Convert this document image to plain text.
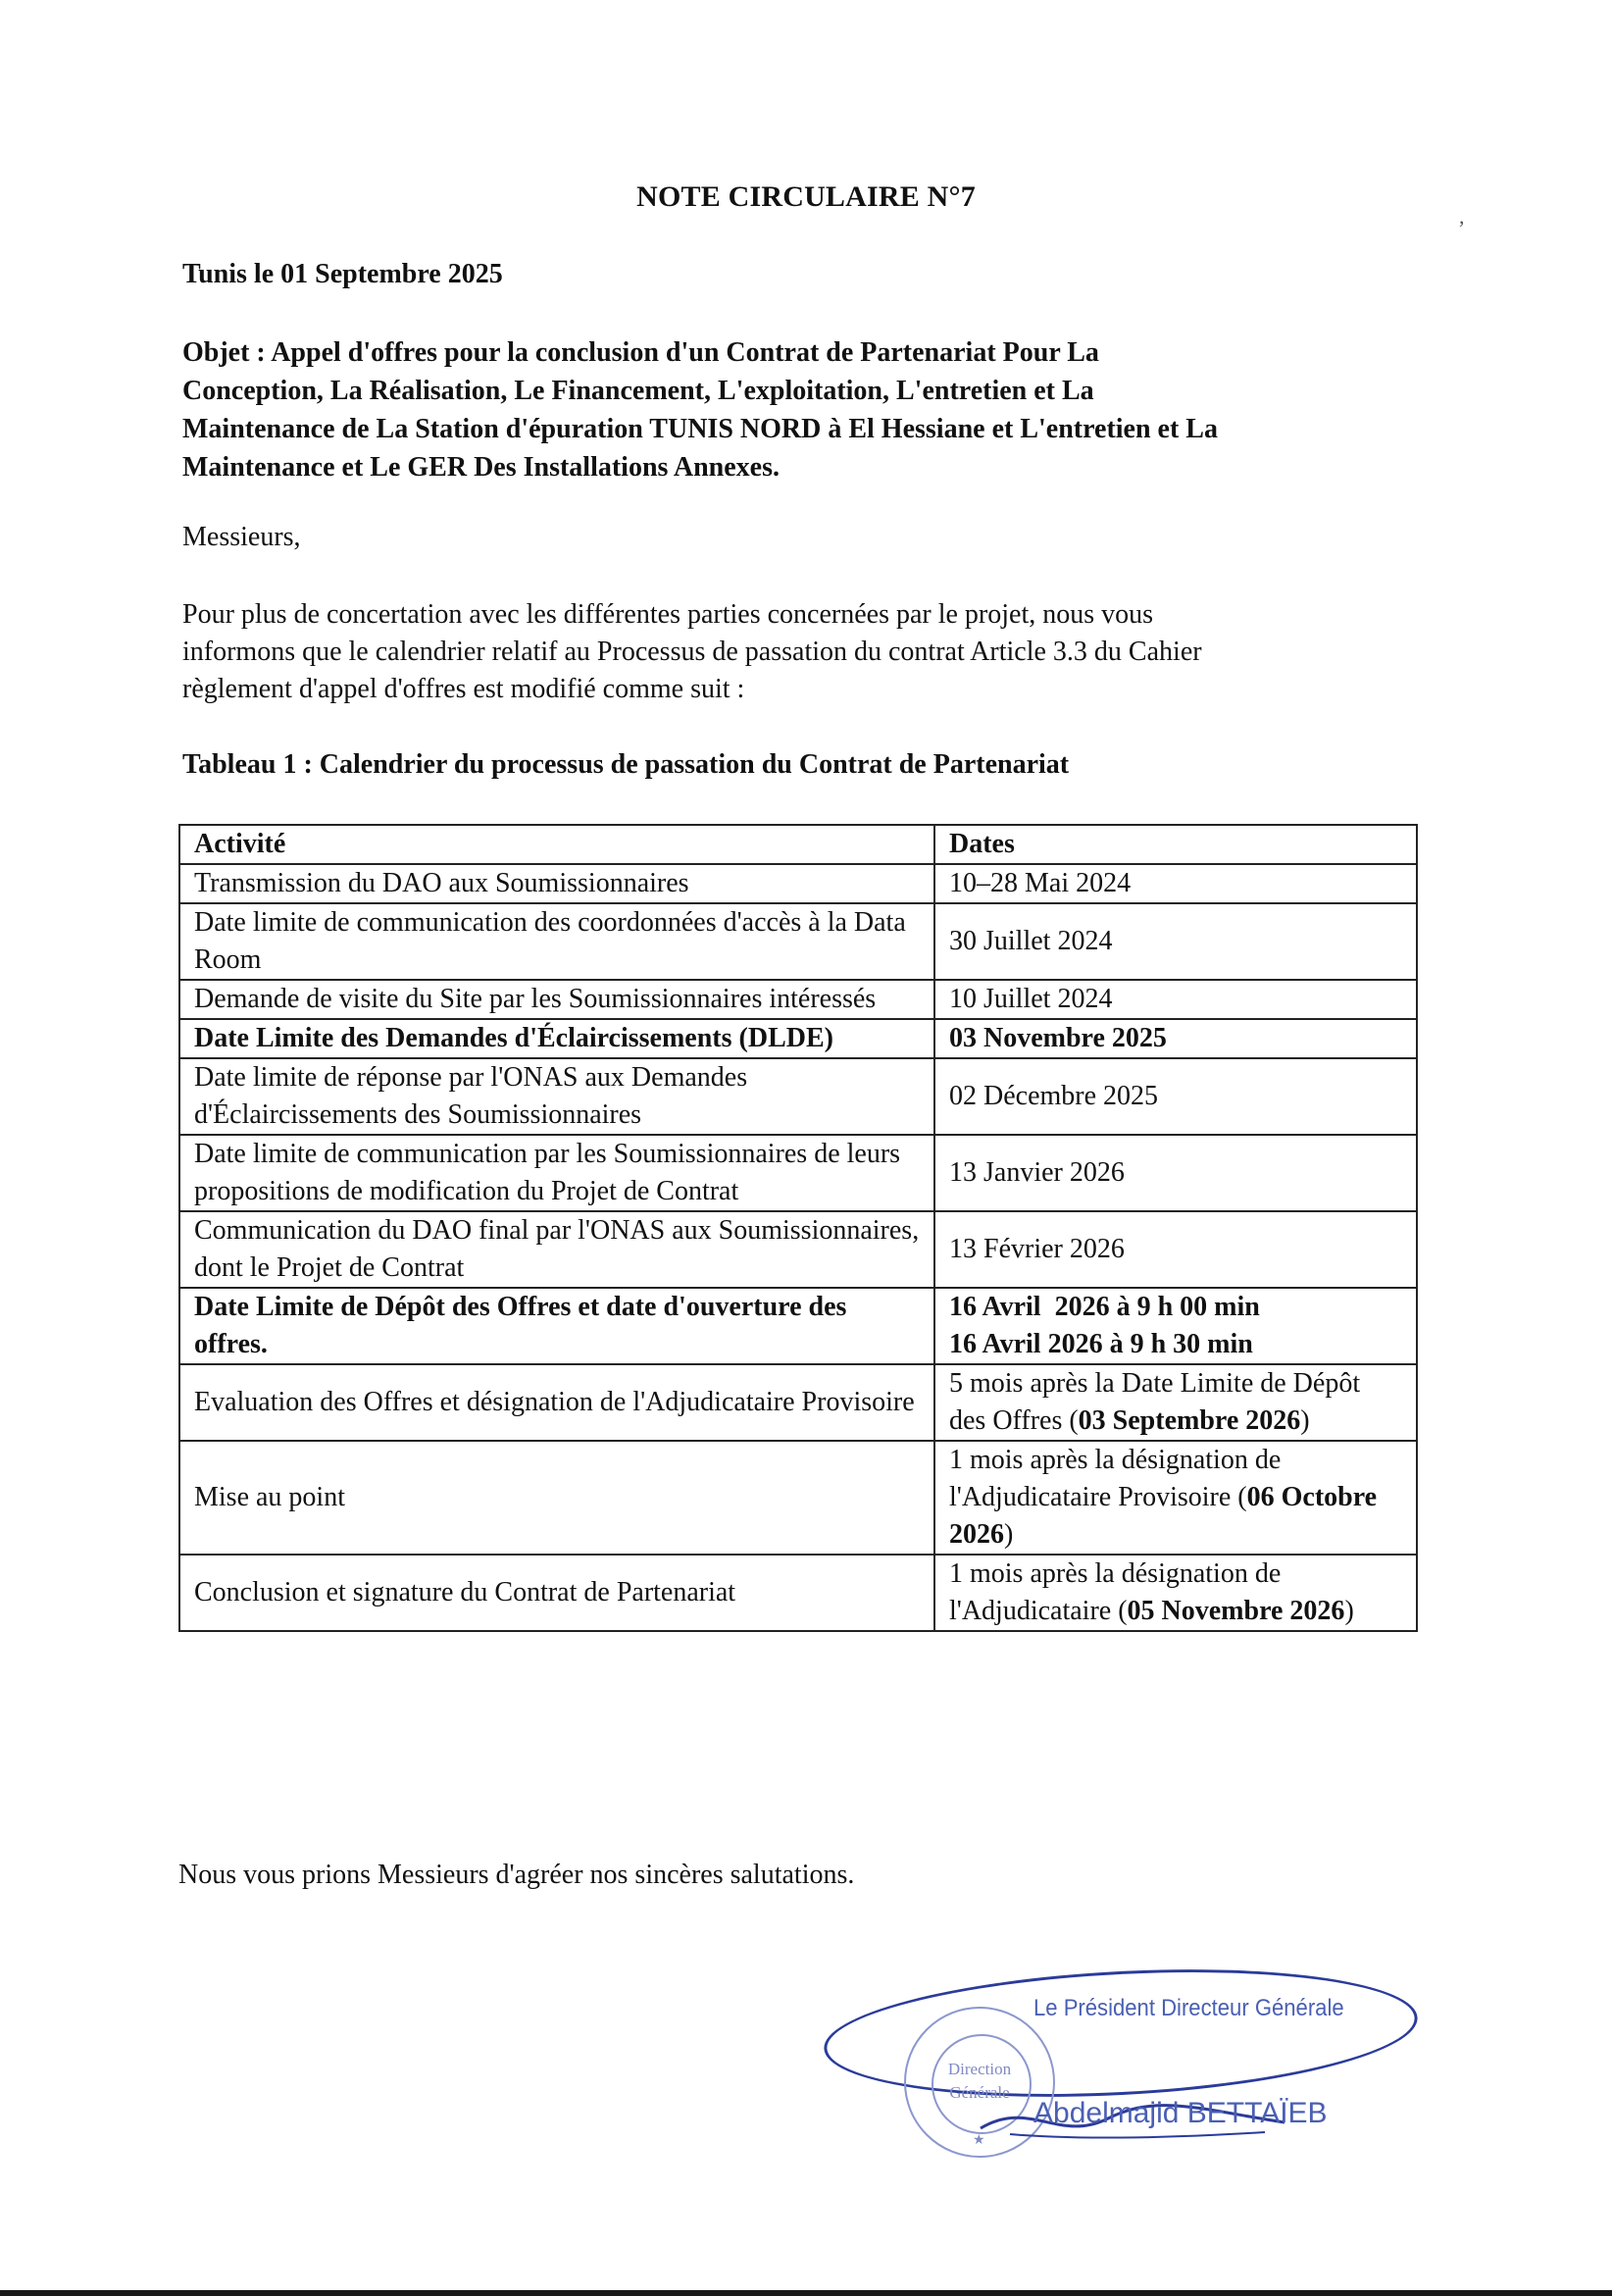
NOTE CIRCULAIRE N°7
,
Tunis le 01 Septembre 2025
Objet : Appel d'offres pour la conclusion d'un Contrat de Partenariat Pour La
Conception, La Réalisation, Le Financement, L'exploitation, L'entretien et La
Maintenance de La Station d'épuration TUNIS NORD à El Hessiane et L'entretien et La
Maintenance et Le GER Des Installations Annexes.
Messieurs,
Pour plus de concertation avec les différentes parties concernées par le projet, nous vous
informons que le calendrier relatif au Processus de passation du contrat Article 3.3 du Cahier
règlement d'appel d'offres est modifié comme suit :
Tableau 1 : Calendrier du processus de passation du Contrat de Partenariat
Activité	Dates
Transmission du DAO aux Soumissionnaires	10–28 Mai 2024
Date limite de communication des coordonnées d'accès à la Data Room	30 Juillet 2024
Demande de visite du Site par les Soumissionnaires intéressés	10 Juillet 2024
Date Limite des Demandes d'Éclaircissements (DLDE)	03 Novembre 2025
Date limite de réponse par l'ONAS aux Demandes d'Éclaircissements des Soumissionnaires	02 Décembre 2025
Date limite de communication par les Soumissionnaires de leurs propositions de modification du Projet de Contrat	13 Janvier 2026
Communication du DAO final par l'ONAS aux Soumissionnaires, dont le Projet de Contrat	13 Février 2026
Date Limite de Dépôt des Offres et date d'ouverture des offres.	16 Avril  2026 à 9 h 00 min
16 Avril 2026 à 9 h 30 min

Evaluation des Offres et désignation de l'Adjudicataire Provisoire	5 mois après la Date Limite de Dépôt des Offres (03 Septembre 2026)
Mise au point	1 mois après la désignation de l'Adjudicataire Provisoire (06 Octobre 2026)
Conclusion et signature du Contrat de Partenariat	1 mois après la désignation de l'Adjudicataire (05 Novembre 2026)
Nous vous prions Messieurs d'agréer nos sincères salutations.
Le Président Directeur Générale
Direction
Générale
★
Abdelmajid BETTAÏEB
